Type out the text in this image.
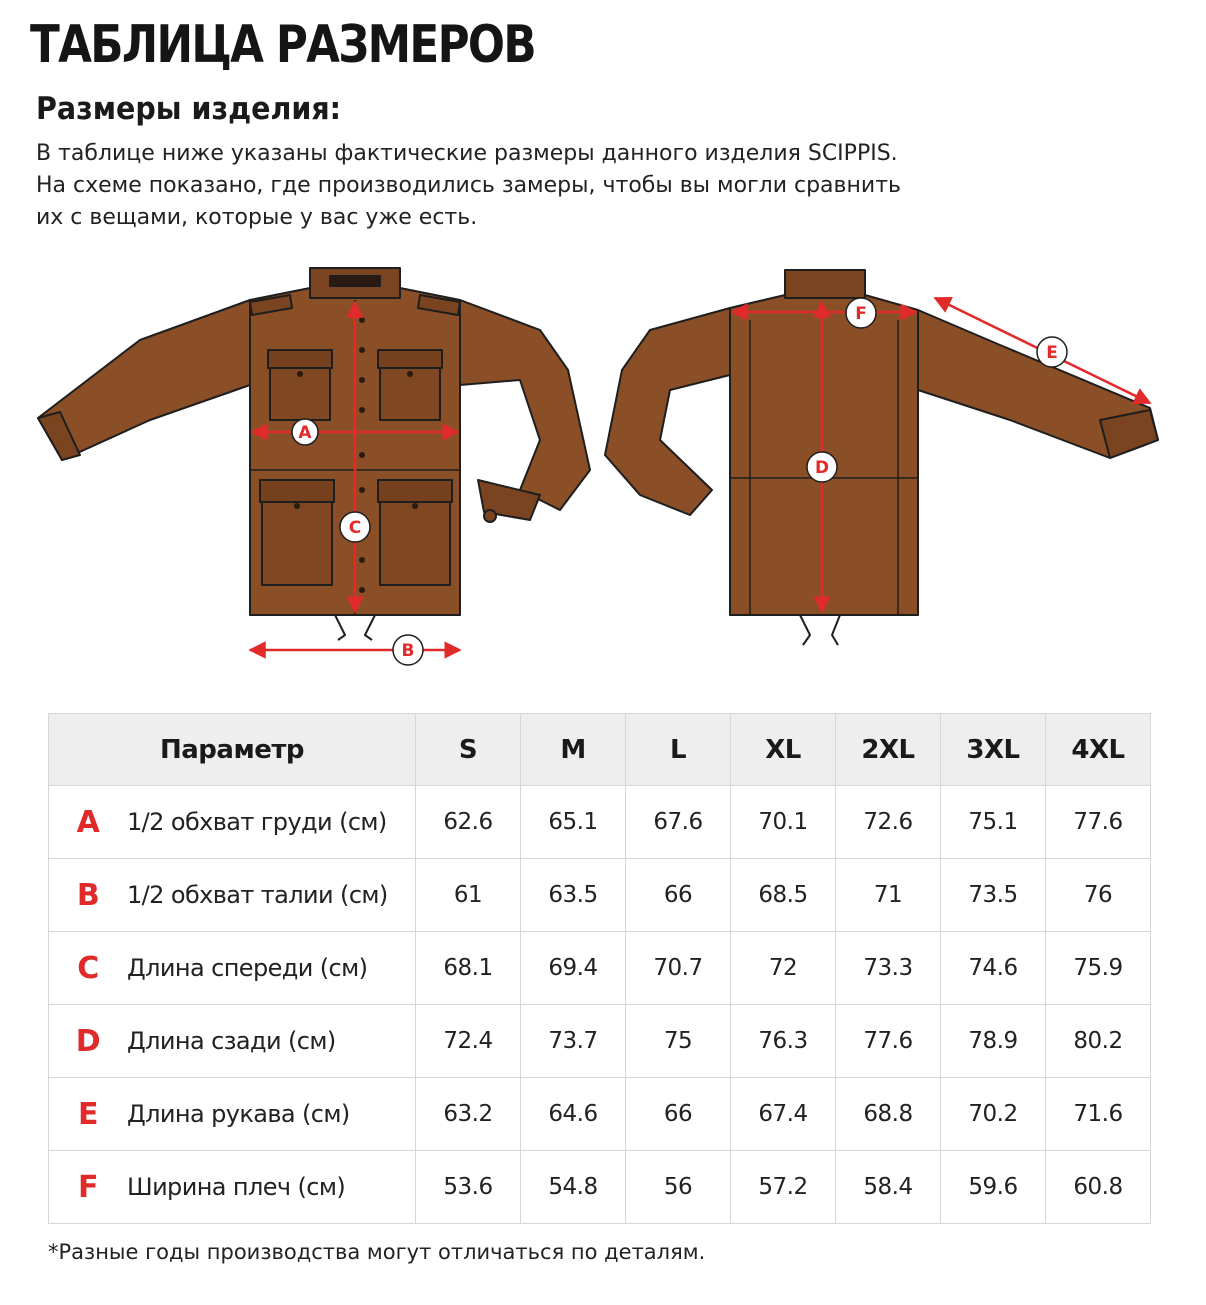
ТАБЛИЦА РАЗМЕРОВ
Размеры изделия:
В таблице ниже указаны фактические размеры данного изделия SCIPPIS.
На схеме показано, где производились замеры, чтобы вы могли сравнить
их с вещами, которые у вас уже есть.
A
B
C
D
E
F
Параметр	S	M	L	XL	2XL	3XL	4XL
A 1/2 обхват груди (см)	62.6	65.1	67.6	70.1	72.6	75.1	77.6
B 1/2 обхват талии (см)	61	63.5	66	68.5	71	73.5	76
C Длина спереди (см)	68.1	69.4	70.7	72	73.3	74.6	75.9
D Длина сзади (см)	72.4	73.7	75	76.3	77.6	78.9	80.2
E Длина рукава (см)	63.2	64.6	66	67.4	68.8	70.2	71.6
F Ширина плеч (см)	53.6	54.8	56	57.2	58.4	59.6	60.8
*Разные годы производства могут отличаться по деталям.
